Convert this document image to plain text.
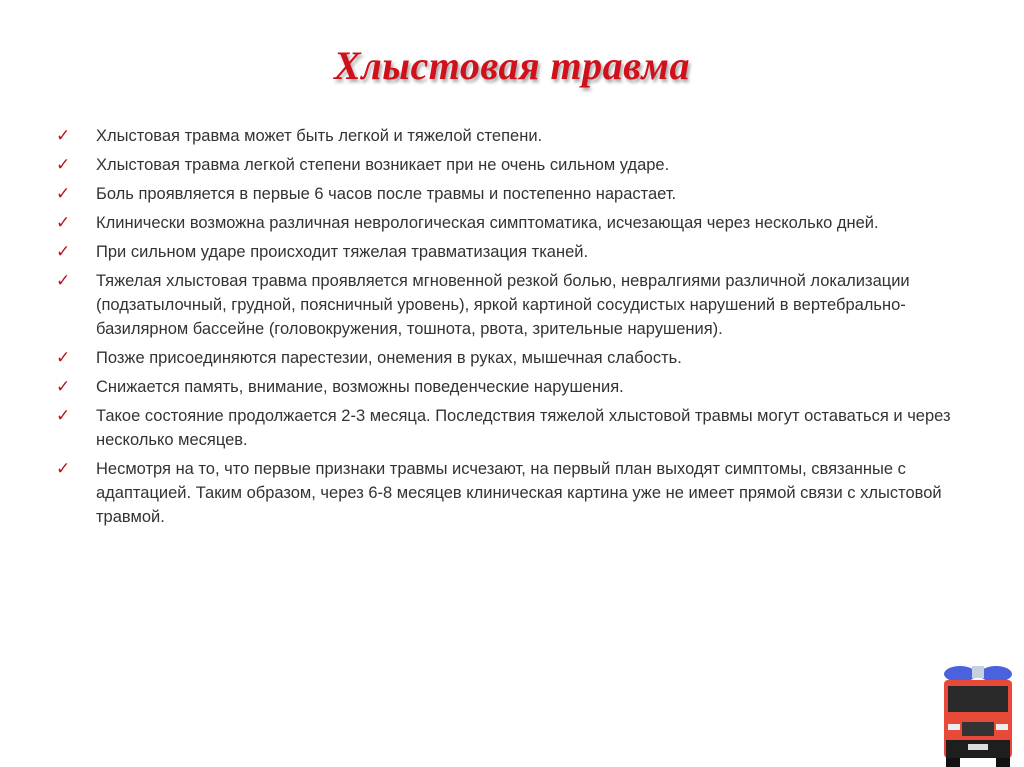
Хлыстовая травма
✓	Хлыстовая травма может быть легкой и тяжелой степени.
✓	Хлыстовая травма легкой степени возникает при не очень сильном ударе.
✓	Боль проявляется в первые 6 часов после травмы и постепенно нарастает.
✓	Клинически возможна различная неврологическая симптоматика, исчезающая через несколько дней.
✓	При сильном ударе происходит тяжелая травматизация тканей.
✓	Тяжелая хлыстовая травма проявляется мгновенной резкой болью, невралгиями различной локализации (подзатылочный, грудной, поясничный уровень), яркой картиной сосудистых нарушений в вертебрально-базилярном бассейне (головокружения, тошнота, рвота, зрительные нарушения).
✓	Позже присоединяются парестезии, онемения в руках, мышечная слабость.
✓	Снижается память, внимание, возможны поведенческие нарушения.
✓	Такое состояние продолжается 2-3 месяца. Последствия тяжелой хлыстовой травмы могут оставаться и через несколько месяцев.
✓	Несмотря на то, что первые признаки травмы исчезают, на первый план выходят симптомы, связанные с адаптацией. Таким образом, через 6-8 месяцев клиническая картина уже не имеет прямой связи с хлыстовой травмой.
